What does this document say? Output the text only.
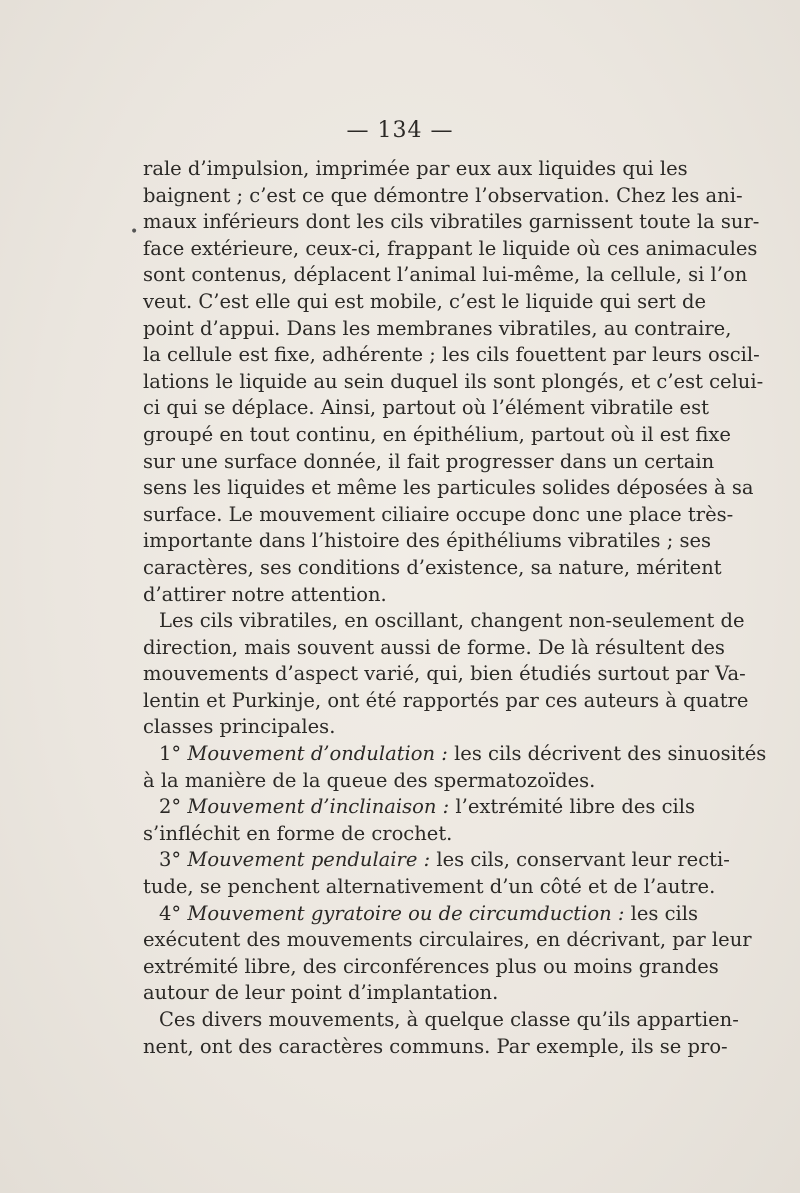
— 134 —
rale d’impulsion, imprimée par eux aux liquides qui les
baignent ; c’est ce que démontre l’observation. Chez les ani-
maux inférieurs dont les cils vibratiles garnissent toute la sur-
face extérieure, ceux-ci, frappant le liquide où ces animacules
sont contenus, déplacent l’animal lui-même, la cellule, si l’on
veut. C’est elle qui est mobile, c’est le liquide qui sert de
point d’appui. Dans les membranes vibratiles, au contraire,
la cellule est fixe, adhérente ; les cils fouettent par leurs oscil-
lations le liquide au sein duquel ils sont plongés, et c’est celui-
ci qui se déplace. Ainsi, partout où l’élément vibratile est
groupé en tout continu, en épithélium, partout où il est fixe
sur une surface donnée, il fait progresser dans un certain
sens les liquides et même les particules solides déposées à sa
surface. Le mouvement ciliaire occupe donc une place très-
importante dans l’histoire des épithéliums vibratiles ; ses
caractères, ses conditions d’existence, sa nature, méritent
d’attirer notre attention.
Les cils vibratiles, en oscillant, changent non-seulement de
direction, mais souvent aussi de forme. De là résultent des
mouvements d’aspect varié, qui, bien étudiés surtout par Va-
lentin et Purkinje, ont été rapportés par ces auteurs à quatre
classes principales.
1° Mouvement d’ondulation : les cils décrivent des sinuosités
à la manière de la queue des spermatozoïdes.
2° Mouvement d’inclinaison : l’extrémité libre des cils
s’infléchit en forme de crochet.
3° Mouvement pendulaire : les cils, conservant leur recti-
tude, se penchent alternativement d’un côté et de l’autre.
4° Mouvement gyratoire ou de circumduction : les cils
exécutent des mouvements circulaires, en décrivant, par leur
extrémité libre, des circonférences plus ou moins grandes
autour de leur point d’implantation.
Ces divers mouvements, à quelque classe qu’ils appartien-
nent, ont des caractères communs. Par exemple, ils se pro-
•
